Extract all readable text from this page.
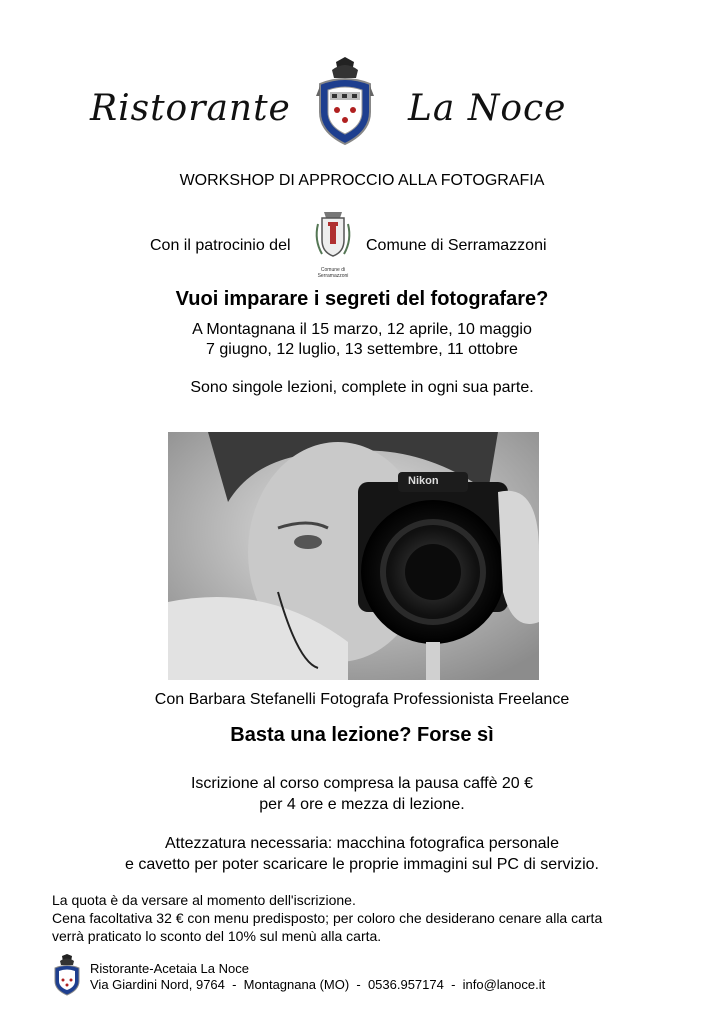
Ristorante	La Noce
WORKSHOP DI APPROCCIO ALLA FOTOGRAFIA
Con il patrocinio del
Comune di
Serramazzoni
Comune di Serramazzoni
Vuoi imparare i segreti del fotografare?
A Montagnana il 15 marzo, 12 aprile, 10 maggio
7 giugno, 12 luglio, 13 settembre, 11 ottobre
Sono singole lezioni, complete in ogni sua parte.
Nikon
Con Barbara Stefanelli Fotografa Professionista Freelance
Basta una lezione? Forse sì
Iscrizione al corso compresa la pausa caffè 20 €
per 4 ore e mezza di lezione.
Attezzatura necessaria: macchina fotografica personale
e cavetto per poter scaricare le proprie immagini sul PC di servizio.
La quota è da versare al momento dell'iscrizione.
Cena facoltativa 32 € con menu predisposto; per coloro che desiderano cenare alla carta
verrà praticato lo sconto del 10% sul menù alla carta.
Ristorante-Acetaia La Noce
Via Giardini Nord, 9764  -  Montagnana (MO)  -  0536.957174  -  info@lanoce.it
